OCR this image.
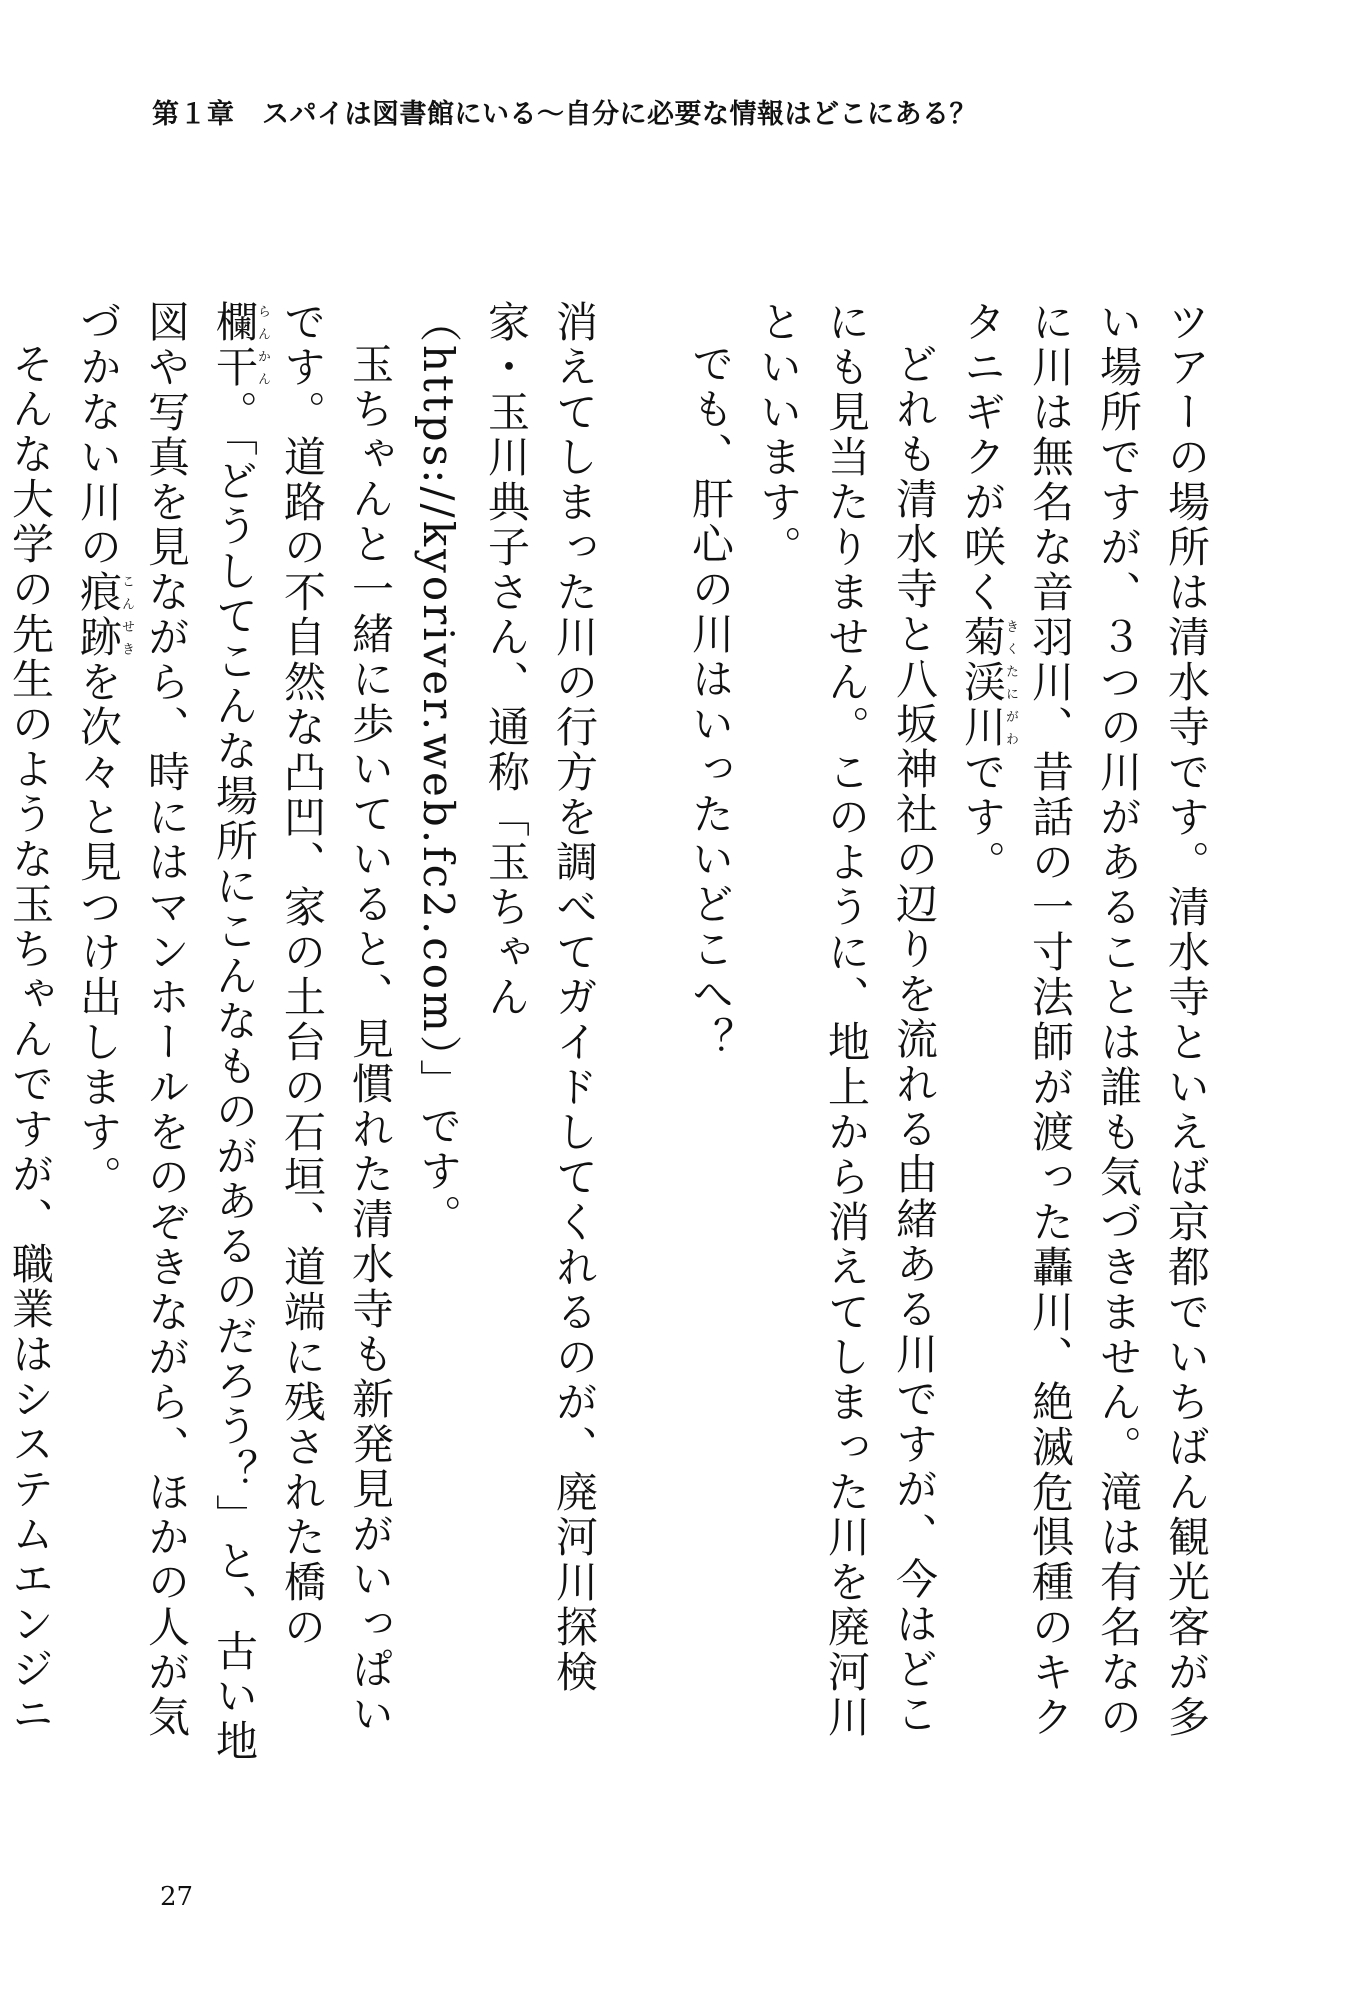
第１章　スパイは図書館にいる〜自分に必要な情報はどこにある？

ツアーの場所は清水寺です。清水寺といえば京都でいちばん観光客が多い場所ですが、３つの川があることは誰も気づきません。滝は有名なのに川は無名な音羽川、昔話の一寸法師が渡った轟川、絶滅危惧種のキクタニギクが咲く菊渓川きくたにがわです。

どれも清水寺と八坂神社の辺りを流れる由緒ある川ですが、今はどこにも見当たりません。このように、地上から消えてしまった川を廃河川といいます。

でも、肝心の川はいったいどこへ？

消えてしまった川の行方を調べてガイドしてくれるのが、廃河川探検家・玉川典子さん、通称「玉ちゃん（https://kyoriver.web.fc2.com）」です。

玉ちゃんと一緒に歩いていると、見慣れた清水寺も新発見がいっぱいです。道路の不自然な凸凹、家の土台の石垣、道端に残された橋の欄干らんかん。「どうしてこんな場所にこんなものがあるのだろう？」と、古い地図や写真を見ながら、時にはマンホールをのぞきながら、ほかの人が気づかない川の痕跡こんせきを次々と見つけ出します。

そんな大学の先生のような玉ちゃんですが、職業はシステムエンジニ

27
